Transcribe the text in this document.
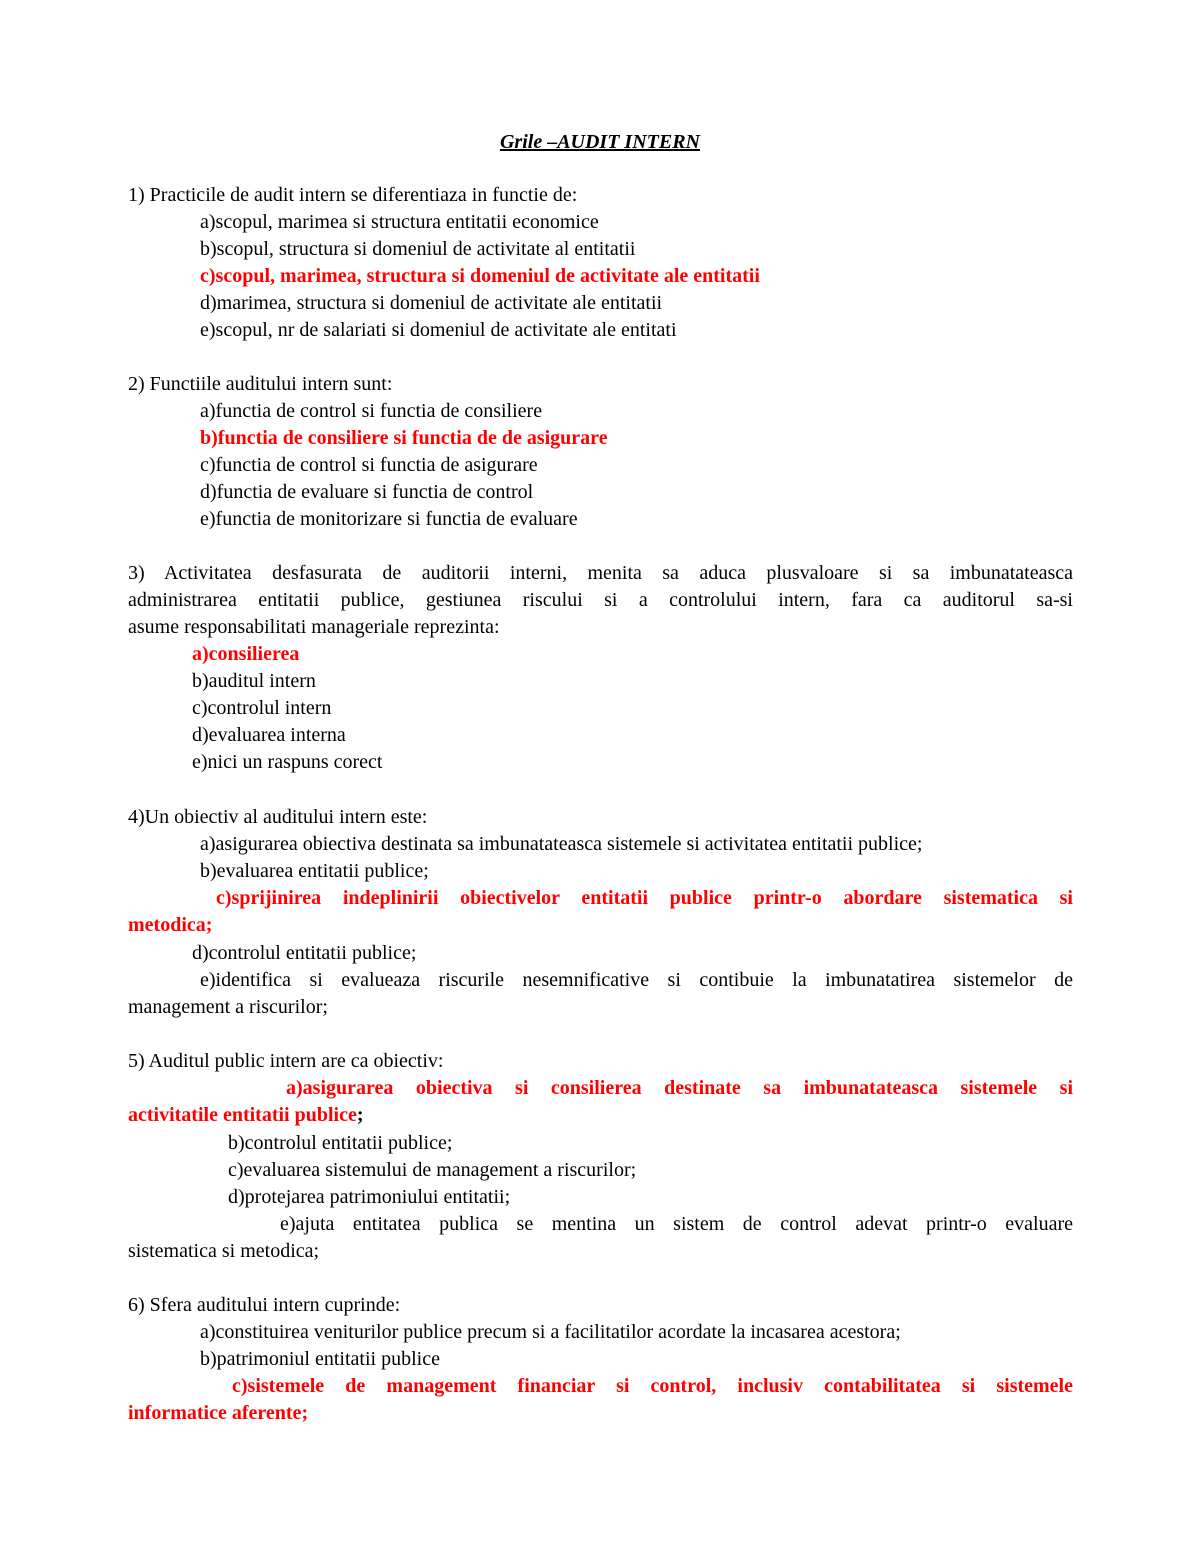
Grile –AUDIT INTERN
1) Practicile de audit intern se diferentiaza in functie de:
a)scopul, marimea si structura entitatii economice
b)scopul, structura si domeniul de activitate al entitatii
c)scopul, marimea, structura si domeniul de activitate ale entitatii
d)marimea, structura si domeniul de activitate ale entitatii
e)scopul, nr de salariati si domeniul de activitate ale entitati
2) Functiile auditului intern sunt:
a)functia de control si functia de consiliere
b)functia de consiliere si functia de de asigurare
c)functia de control si functia de asigurare
d)functia de evaluare si functia de control
e)functia de monitorizare si functia de evaluare
3) Activitatea desfasurata de auditorii interni, menita sa aduca plusvaloare si sa imbunatateasca
administrarea entitatii publice, gestiunea riscului si a controlului intern, fara ca auditorul sa-si
asume responsabilitati manageriale reprezinta:
a)consilierea
b)auditul intern
c)controlul intern
d)evaluarea interna
e)nici un raspuns corect
4)Un obiectiv al auditului intern este:
a)asigurarea obiectiva destinata sa imbunatateasca sistemele si activitatea entitatii publice;
b)evaluarea entitatii publice;
c)sprijinirea indeplinirii obiectivelor entitatii publice printr-o abordare sistematica si
metodica;
d)controlul entitatii publice;
e)identifica si evalueaza riscurile nesemnificative si contibuie la imbunatatirea sistemelor de
management a riscurilor;
5) Auditul public intern are ca obiectiv:
a)asigurarea obiectiva si consilierea destinate sa imbunatateasca sistemele si
activitatile entitatii publice;
b)controlul entitatii publice;
c)evaluarea sistemului de management a riscurilor;
d)protejarea patrimoniului entitatii;
e)ajuta entitatea publica se mentina un sistem de control adevat printr-o evaluare
sistematica si metodica;
6) Sfera auditului intern cuprinde:
a)constituirea veniturilor publice precum si a facilitatilor acordate la incasarea acestora;
b)patrimoniul entitatii publice
c)sistemele de management financiar si control, inclusiv contabilitatea si sistemele
informatice aferente;
